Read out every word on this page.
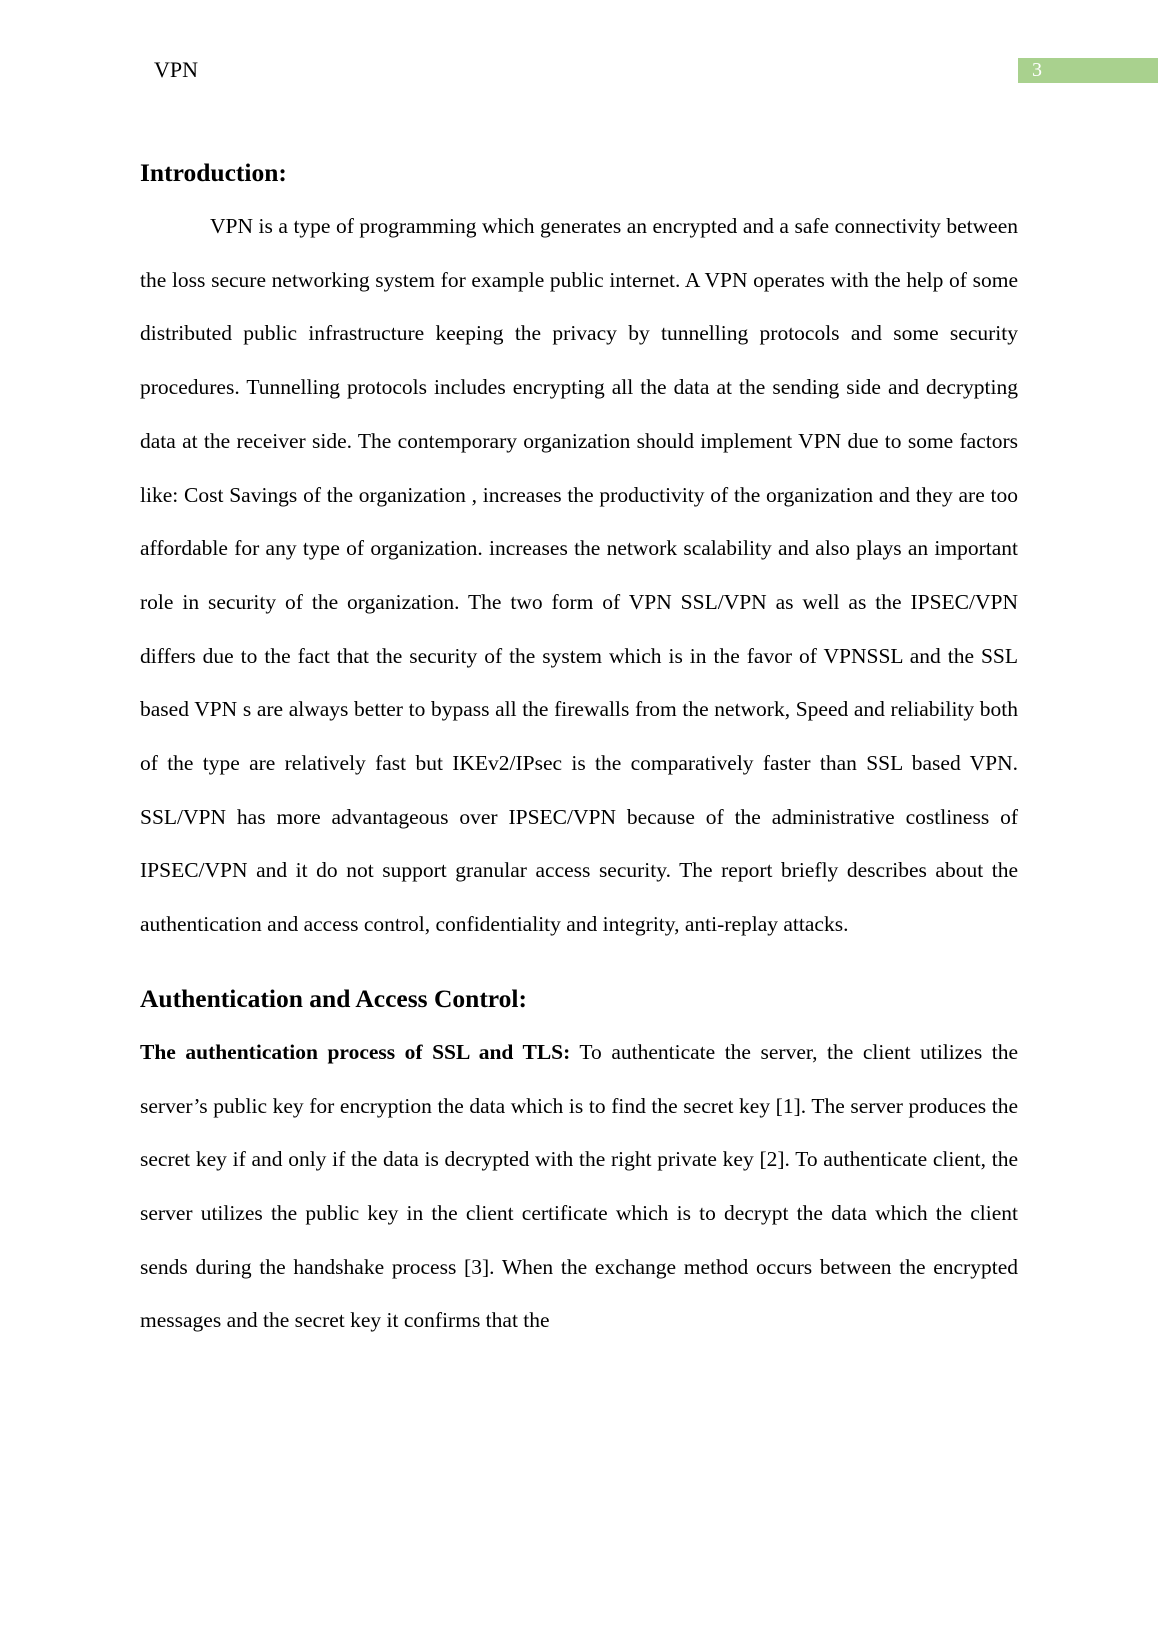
VPN	3
Introduction:

VPN is a type of programming which generates an encrypted and a safe connectivity between the loss secure networking system for example public internet. A VPN operates with the help of some distributed public infrastructure keeping the privacy by tunnelling protocols and some security procedures. Tunnelling protocols includes encrypting all the data at the sending side and decrypting data at the receiver side. The contemporary organization should implement VPN due to some factors like: Cost Savings of the organization , increases the productivity of the organization and they are too affordable for any type of organization. increases the network scalability and also plays an important role in security of the organization. The two form of VPN SSL/VPN as well as the IPSEC/VPN differs due to the fact that the security of the system which is in the favor of VPNSSL and the SSL based VPN s are always better to bypass all the firewalls from the network, Speed and reliability both of the type are relatively fast but IKEv2/IPsec is the comparatively faster than SSL based VPN. SSL/VPN has more advantageous over IPSEC/VPN because of the administrative costliness of IPSEC/VPN and it do not support granular access security. The report briefly describes about the authentication and access control, confidentiality and integrity, anti-replay attacks.

Authentication and Access Control:

The authentication process of SSL and TLS: To authenticate the server, the client utilizes the server’s public key for encryption the data which is to find the secret key [1]. The server produces the secret key if and only if the data is decrypted with the right private key [2]. To authenticate client, the server utilizes the public key in the client certificate which is to decrypt the data which the client sends during the handshake process [3]. When the exchange method occurs between the encrypted messages and the secret key it confirms that the
